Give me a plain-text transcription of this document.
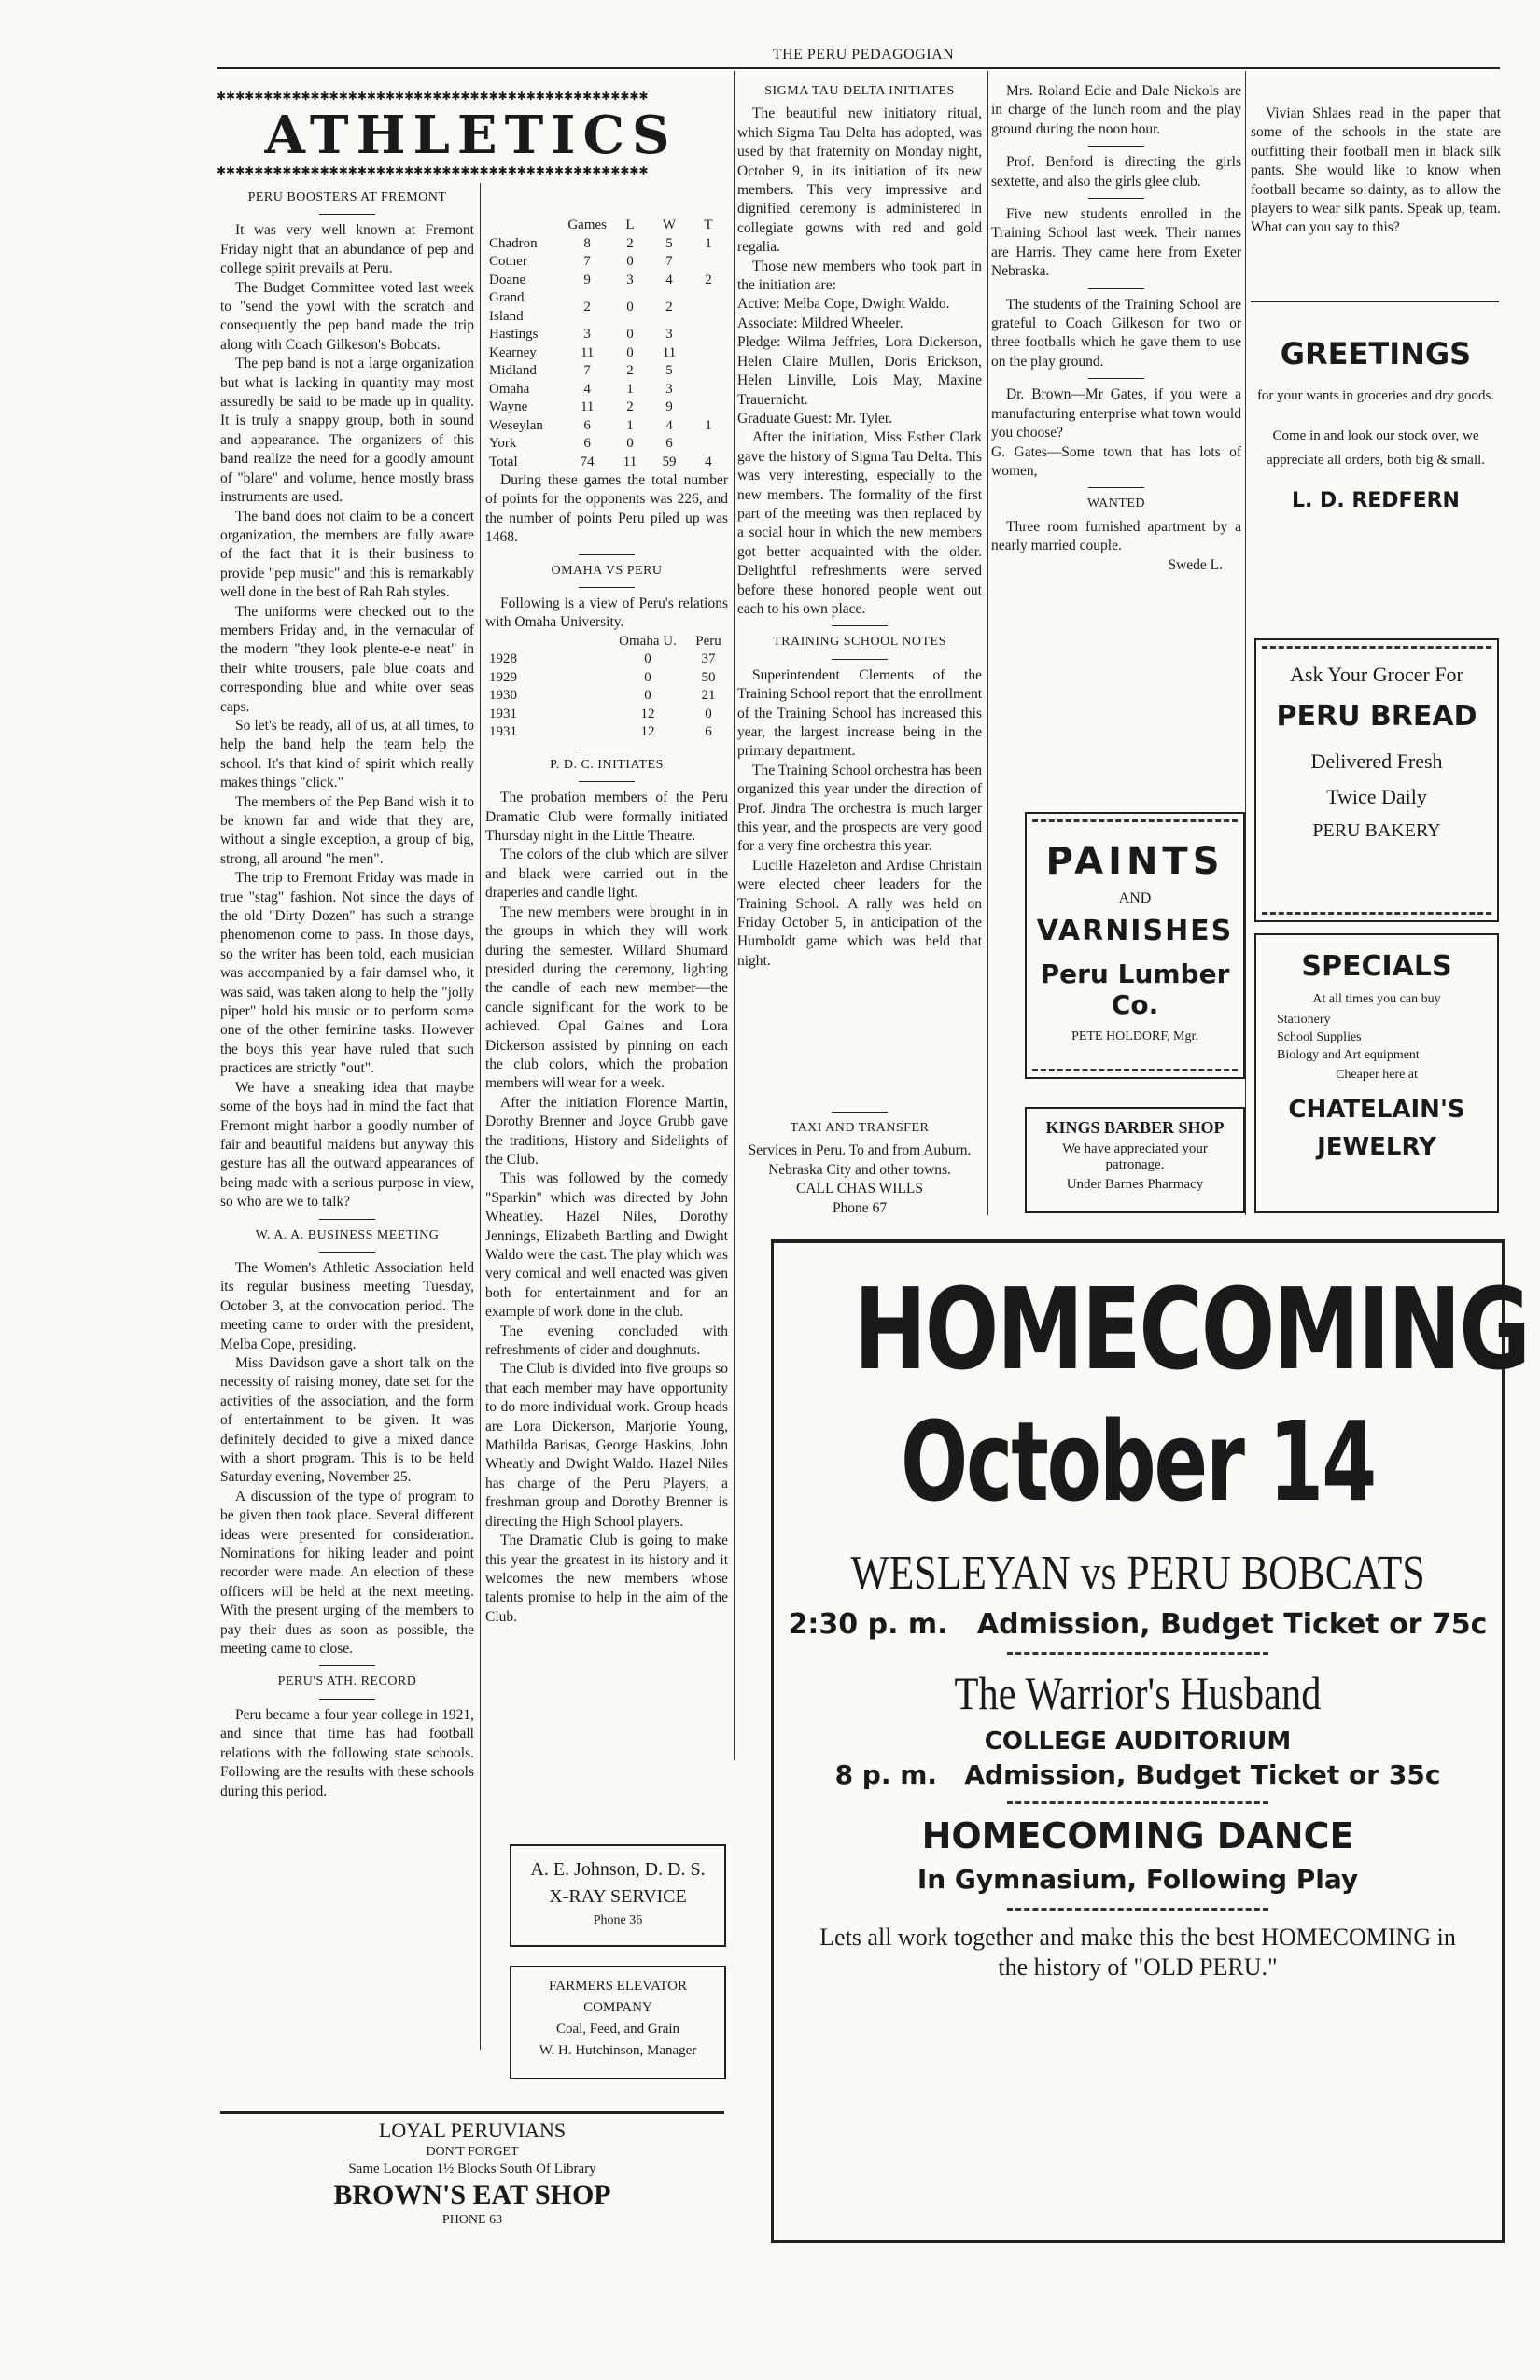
THE PERU PEDAGOGIAN
✱✱✱✱✱✱✱✱✱✱✱✱✱✱✱✱✱✱✱✱✱✱✱✱✱✱✱✱✱✱✱✱✱✱✱✱✱✱✱✱✱✱✱✱✱✱
ATHLETICS
✱✱✱✱✱✱✱✱✱✱✱✱✱✱✱✱✱✱✱✱✱✱✱✱✱✱✱✱✱✱✱✱✱✱✱✱✱✱✱✱✱✱✱✱✱✱
PERU BOOSTERS AT FREMONT

It was very well known at Fremont Friday night that an abundance of pep and college spirit prevails at Peru.

The Budget Committee voted last week to "send the yowl with the scratch and consequently the pep band made the trip along with Coach Gilkeson's Bobcats.

The pep band is not a large organization but what is lacking in quantity may most assuredly be said to be made up in quality. It is truly a snappy group, both in sound and appearance. The organizers of this band realize the need for a goodly amount of "blare" and volume, hence mostly brass instruments are used.

The band does not claim to be a concert organization, the members are fully aware of the fact that it is their business to provide "pep music" and this is remarkably well done in the best of Rah Rah styles.

The uniforms were checked out to the members Friday and, in the vernacular of the modern "they look plente-e-e neat" in their white trousers, pale blue coats and corresponding blue and white over seas caps.

So let's be ready, all of us, at all times, to help the band help the team help the school. It's that kind of spirit which really makes things "click."

The members of the Pep Band wish it to be known far and wide that they are, without a single exception, a group of big, strong, all around "he men".

The trip to Fremont Friday was made in true "stag" fashion. Not since the days of the old "Dirty Dozen" has such a strange phenomenon come to pass. In those days, so the writer has been told, each musician was accompanied by a fair damsel who, it was said, was taken along to help the "jolly piper" hold his music or to perform some one of the other feminine tasks. However the boys this year have ruled that such practices are strictly "out".

We have a sneaking idea that maybe some of the boys had in mind the fact that Fremont might harbor a goodly number of fair and beautiful maidens but anyway this gesture has all the outward appearances of being made with a serious purpose in view, so who are we to talk?

W. A. A. BUSINESS MEETING

The Women's Athletic Association held its regular business meeting Tuesday, October 3, at the convocation period. The meeting came to order with the president, Melba Cope, presiding.

Miss Davidson gave a short talk on the necessity of raising money, date set for the activities of the association, and the form of entertainment to be given. It was definitely decided to give a mixed dance with a short program. This is to be held Saturday evening, November 25.

A discussion of the type of program to be given then took place. Several different ideas were presented for consideration. Nominations for hiking leader and point recorder were made. An election of these officers will be held at the next meeting. With the present urging of the members to pay their dues as soon as possible, the meeting came to close.

PERU'S ATH. RECORD

Peru became a four year college in 1921, and since that time has had football relations with the following state schools. Following are the results with these schools during this period.

	Games	L	W	T
Chadron	8	2	5	1
Cotner	7	0	7	
Doane	9	3	4	2
Grand Island	2	0	2	
Hastings	3	0	3	
Kearney	11	0	11	
Midland	7	2	5	
Omaha	4	1	3	
Wayne	11	2	9	
Weseylan	6	1	4	1
York	6	0	6	
Total	74	11	59	4

During these games the total number of points for the opponents was 226, and the number of points Peru piled up was 1468.

OMAHA VS PERU

Following is a view of Peru's relations with Omaha University.

	Omaha U.	Peru
1928	0	37
1929	0	50
1930	0	21
1931	12	0
1931	12	6
P. D. C. INITIATES

The probation members of the Peru Dramatic Club were formally initiated Thursday night in the Little Theatre.

The colors of the club which are silver and black were carried out in the draperies and candle light.

The new members were brought in in the groups in which they will work during the semester. Willard Shumard presided during the ceremony, lighting the candle of each new member—the candle significant for the work to be achieved. Opal Gaines and Lora Dickerson assisted by pinning on each the club colors, which the probation members will wear for a week.

After the initiation Florence Martin, Dorothy Brenner and Joyce Grubb gave the traditions, History and Sidelights of the Club.

This was followed by the comedy "Sparkin" which was directed by John Wheatley. Hazel Niles, Dorothy Jennings, Elizabeth Bartling and Dwight Waldo were the cast. The play which was very comical and well enacted was given both for entertainment and for an example of work done in the club.

The evening concluded with refreshments of cider and doughnuts.

The Club is divided into five groups so that each member may have opportunity to do more individual work. Group heads are Lora Dickerson, Marjorie Young, Mathilda Barisas, George Haskins, John Wheatly and Dwight Waldo. Hazel Niles has charge of the Peru Players, a freshman group and Dorothy Brenner is directing the High School players.

The Dramatic Club is going to make this year the greatest in its history and it welcomes the new members whose talents promise to help in the aim of the Club.

SIGMA TAU DELTA INITIATES

The beautiful new initiatory ritual, which Sigma Tau Delta has adopted, was used by that fraternity on Monday night, October 9, in its initiation of its new members. This very impressive and dignified ceremony is administered in collegiate gowns with red and gold regalia.

Those new members who took part in the initiation are:

Active: Melba Cope, Dwight Waldo.

Associate: Mildred Wheeler.

Pledge: Wilma Jeffries, Lora Dickerson, Helen Claire Mullen, Doris Erickson, Helen Linville, Lois May, Maxine Trauernicht.

Graduate Guest: Mr. Tyler.

After the initiation, Miss Esther Clark gave the history of Sigma Tau Delta. This was very interesting, especially to the new members. The formality of the first part of the meeting was then replaced by a social hour in which the new members got better acquainted with the older. Delightful refreshments were served before these honored people went out each to his own place.

TRAINING SCHOOL NOTES

Superintendent Clements of the Training School report that the enrollment of the Training School has increased this year, the largest increase being in the primary department.

The Training School orchestra has been organized this year under the direction of Prof. Jindra The orchestra is much larger this year, and the prospects are very good for a very fine orchestra this year.

Lucille Hazeleton and Ardise Christain were elected cheer leaders for the Training School. A rally was held on Friday October 5, in anticipation of the Humboldt game which was held that night.

TAXI AND TRANSFER
Services in Peru. To and from Auburn. Nebraska City and other towns.
CALL CHAS WILLS
Phone 67

Mrs. Roland Edie and Dale Nickols are in charge of the lunch room and the play ground during the noon hour.

Prof. Benford is directing the girls sextette, and also the girls glee club.

Five new students enrolled in the Training School last week. Their names are Harris. They came here from Exeter Nebraska.

The students of the Training School are grateful to Coach Gilkeson for two or three footballs which he gave them to use on the play ground.

Dr. Brown—Mr Gates, if you were a manufacturing enterprise what town would you choose?

G. Gates—Some town that has lots of women,

WANTED

Three room furnished apartment by a nearly married couple.

Swede L.
PAINTS
AND
VARNISHES
Peru Lumber Co.
PETE HOLDORF, Mgr.
KINGS BARBER SHOP
We have appreciated your
patronage.
Under Barnes Pharmacy

Vivian Shlaes read in the paper that some of the schools in the state are outfitting their football men in black silk pants. She would like to know when football became so dainty, as to allow the players to wear silk pants. Speak up, team. What can you say to this?

GREETINGS
for your wants in groceries and dry goods.
Come in and look our stock over, we appreciate all orders, both big & small.
L. D. REDFERN
Ask Your Grocer For
PERU BREAD
Delivered Fresh
Twice Daily
PERU BAKERY
SPECIALS
At all times you can buy
Stationery
School Supplies
Biology and Art equipment
Cheaper here at
CHATELAIN'S
JEWELRY
A. E. Johnson, D. D. S.
X-RAY SERVICE
Phone 36
FARMERS ELEVATOR
COMPANY
Coal, Feed, and Grain
W. H. Hutchinson, Manager
LOYAL PERUVIANS
DON'T FORGET
Same Location 1½ Blocks South Of Library
BROWN'S EAT SHOP
PHONE 63
HOMECOMING
October 14
WESLEYAN vs PERU BOBCATS
2:30 p. m. Admission, Budget Ticket or 75c
The Warrior's Husband
COLLEGE AUDITORIUM
8 p. m. Admission, Budget Ticket or 35c
HOMECOMING DANCE
In Gymnasium, Following Play
Lets all work together and make this the best HOMECOMING in
the history of "OLD PERU."
